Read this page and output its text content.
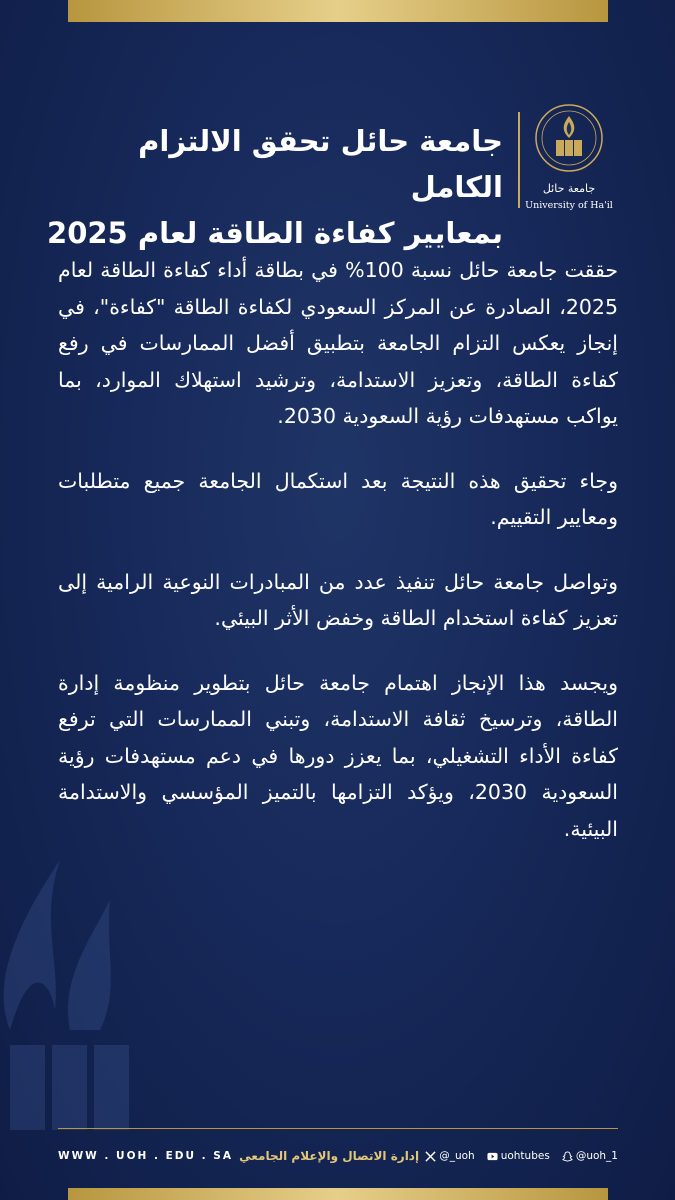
جامعة حائل
University of Ha'il
جامعة حائل تحقق الالتزام الكامل
بمعايير كفاءة الطاقة لعام 2025

حققت جامعة حائل نسبة 100% في بطاقة أداء كفاءة الطاقة لعام 2025، الصادرة عن المركز السعودي لكفاءة الطاقة "كفاءة"، في إنجاز يعكس التزام الجامعة بتطبيق أفضل الممارسات في رفع كفاءة الطاقة، وتعزيز الاستدامة، وترشيد استهلاك الموارد، بما يواكب مستهدفات رؤية السعودية 2030.

وجاء تحقيق هذه النتيجة بعد استكمال الجامعة جميع متطلبات ومعايير التقييم.

وتواصل جامعة حائل تنفيذ عدد من المبادرات النوعية الرامية إلى تعزيز كفاءة استخدام الطاقة وخفض الأثر البيئي.

ويجسد هذا الإنجاز اهتمام جامعة حائل بتطوير منظومة إدارة الطاقة، وترسيخ ثقافة الاستدامة، وتبني الممارسات التي ترفع كفاءة الأداء التشغيلي، بما يعزز دورها في دعم مستهدفات رؤية السعودية 2030، ويؤكد التزامها بالتميز المؤسسي والاستدامة البيئية.

WWW . UOH . EDU . SA إدارة الاتصال والإعلام الجامعي @_uoh uohtubes @uoh_1
